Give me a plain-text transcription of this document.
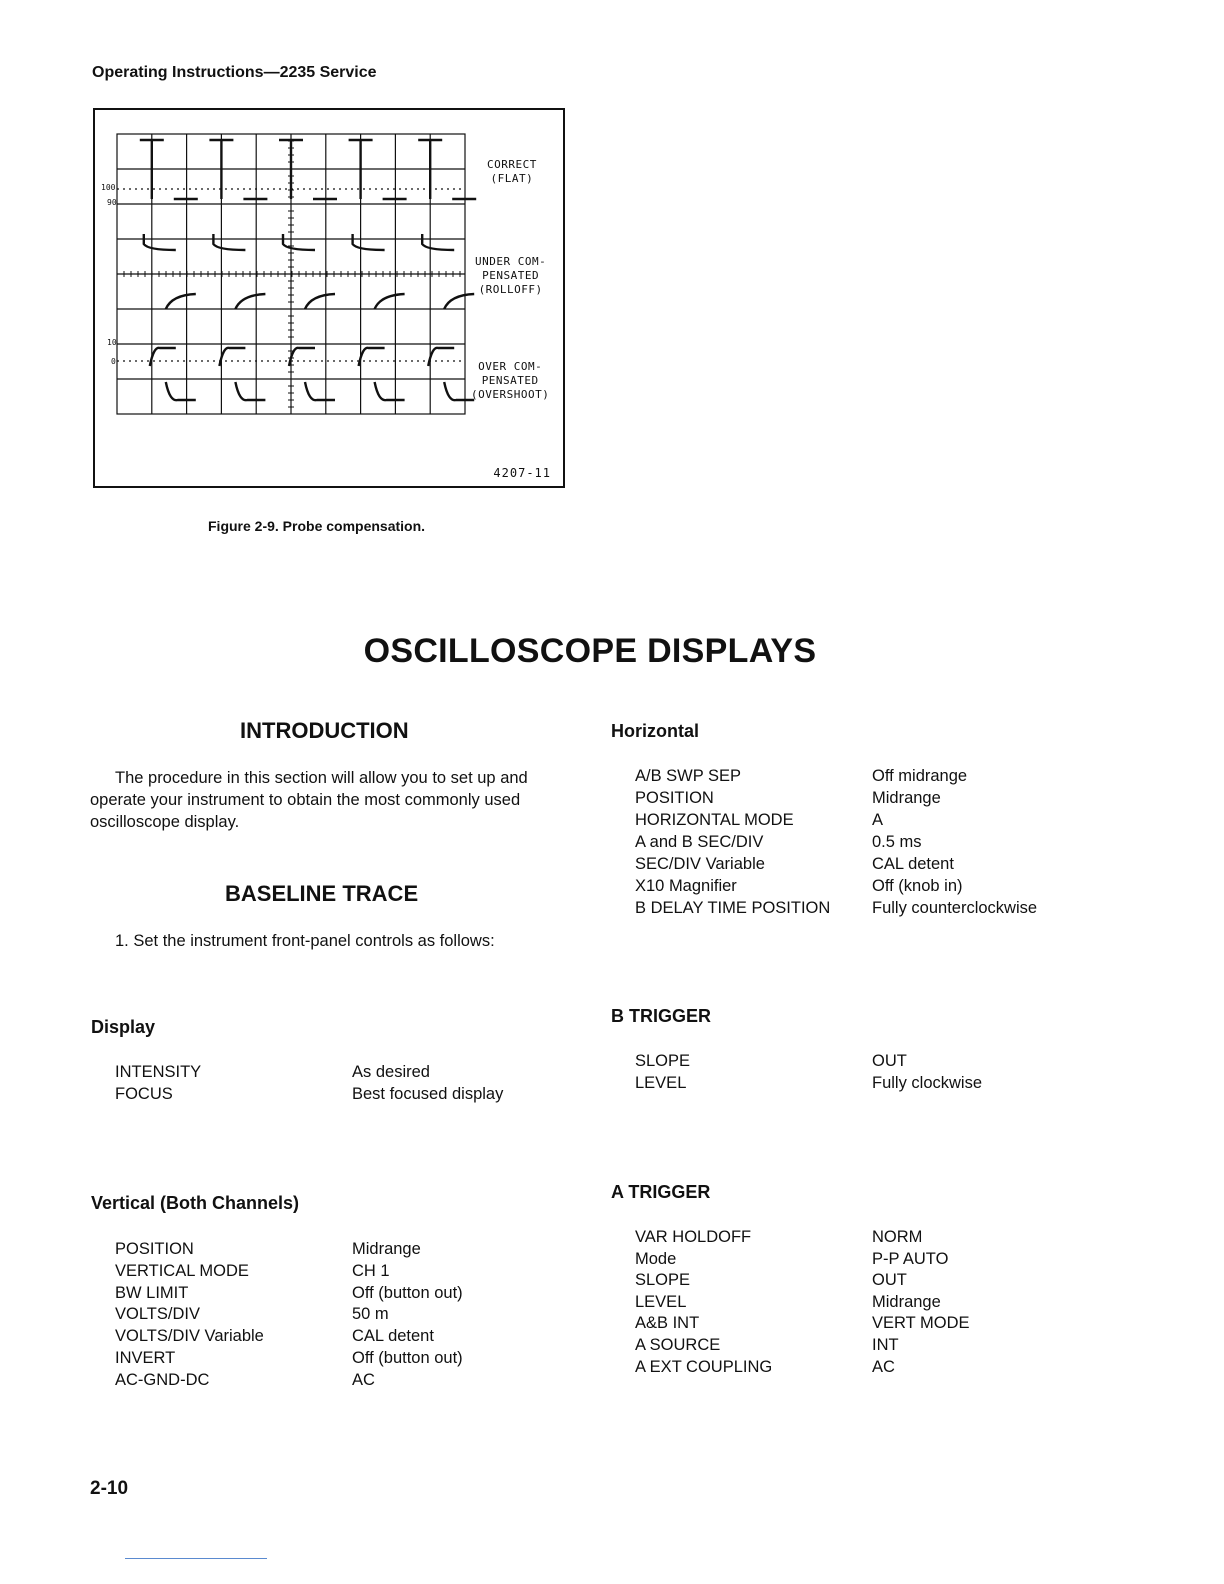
Operating Instructions—2235 Service
100
90
10
0
CORRECT
(FLAT)
UNDER COM-
PENSATED
(ROLLOFF)
OVER COM-
PENSATED
(OVERSHOOT)
4207-11
Figure 2-9. Probe compensation.
OSCILLOSCOPE DISPLAYS
INTRODUCTION
The procedure in this section will allow you to set up and
operate your instrument to obtain the most commonly used
oscilloscope display.
BASELINE TRACE
1. Set the instrument front-panel controls as follows:
Display
INTENSITY	As desired
FOCUS	Best focused display
Vertical (Both Channels)
POSITION	Midrange
VERTICAL MODE	CH 1
BW LIMIT	Off (button out)
VOLTS/DIV	50 m
VOLTS/DIV Variable	CAL detent
INVERT	Off (button out)
AC-GND-DC	AC
Horizontal
A/B SWP SEP	Off midrange
POSITION	Midrange
HORIZONTAL MODE	A
A and B SEC/DIV	0.5 ms
SEC/DIV Variable	CAL detent
X10 Magnifier	Off (knob in)
B DELAY TIME POSITION	Fully counterclockwise
B TRIGGER
SLOPE	OUT
LEVEL	Fully clockwise
A TRIGGER
VAR HOLDOFF	NORM
Mode	P-P AUTO
SLOPE	OUT
LEVEL	Midrange
A&B INT	VERT MODE
A SOURCE	INT
A EXT COUPLING	AC
2-10
